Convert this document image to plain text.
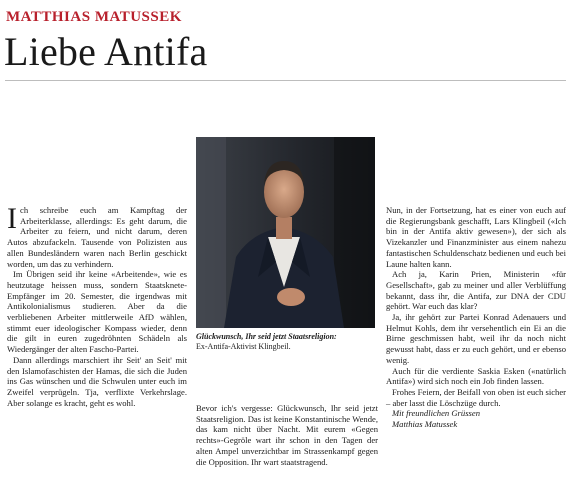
MATTHIAS MATUSSEK
Liebe Antifa

Ich schreibe euch am Kampftag der Arbeiterklasse, allerdings: Es geht darum, die Arbeiter zu feiern, und nicht darum, deren Autos abzufackeln. Tausende von Polizisten aus allen Bundesländern waren nach Berlin geschickt worden, um das zu verhindern.

Im Übrigen seid ihr keine «Arbeitende», wie es heutzutage heissen muss, sondern Staatsknete-Empfänger im 20. Semester, die irgendwas mit Antikolonialismus studieren. Aber da die verbliebenen Arbeiter mittlerweile AfD wählen, stimmt euer ideologischer Kompass wieder, denn die gilt in euren zugedröhnten Schädeln als Wiedergänger der alten Fascho-Partei.

Dann allerdings marschiert ihr Seit' an Seit' mit den Islamofaschisten der Hamas, die sich die Juden ins Gas wünschen und die Schwulen unter euch im Zweifel verprügeln. Tja, verflixte Verkehrslage. Aber solange es kracht, geht es wohl.

Glückwunsch, Ihr seid jetzt Staatsreligion:
Ex-Antifa-Aktivist Klingbeil.

Bevor ich's vergesse: Glückwunsch, Ihr seid jetzt Staatsreligion. Das ist keine Konstantinische Wende, das kam nicht über Nacht. Mit eurem «Gegen rechts»-Gegröle wart ihr schon in den Tagen der alten Ampel unverzichtbar im Strassenkampf gegen die Opposition. Ihr wart staatstragend.

Nun, in der Fortsetzung, hat es einer von euch auf die Regierungsbank geschafft, Lars Klingbeil («Ich bin in der Antifa aktiv gewesen»), der sich als Vizekanzler und Finanzminister aus einem nahezu fantastischen Schuldenschatz bedienen und euch bei Laune halten kann.

Ach ja, Karin Prien, Ministerin «für Gesellschaft», gab zu meiner und aller Verblüffung bekannt, dass ihr, die Antifa, zur DNA der CDU gehört. War euch das klar?

Ja, ihr gehört zur Partei Konrad Adenauers und Helmut Kohls, dem ihr versehentlich ein Ei an die Birne geschmissen habt, weil ihr da noch nicht gewusst habt, dass er zu euch gehört, und er ebenso wenig.

Auch für die verdiente Saskia Esken («natürlich Antifa») wird sich noch ein Job finden lassen.

Frohes Feiern, der Beifall von oben ist euch sicher – aber lasst die Löschzüge durch.

Mit freundlichen Grüssen

Matthias Matussek
